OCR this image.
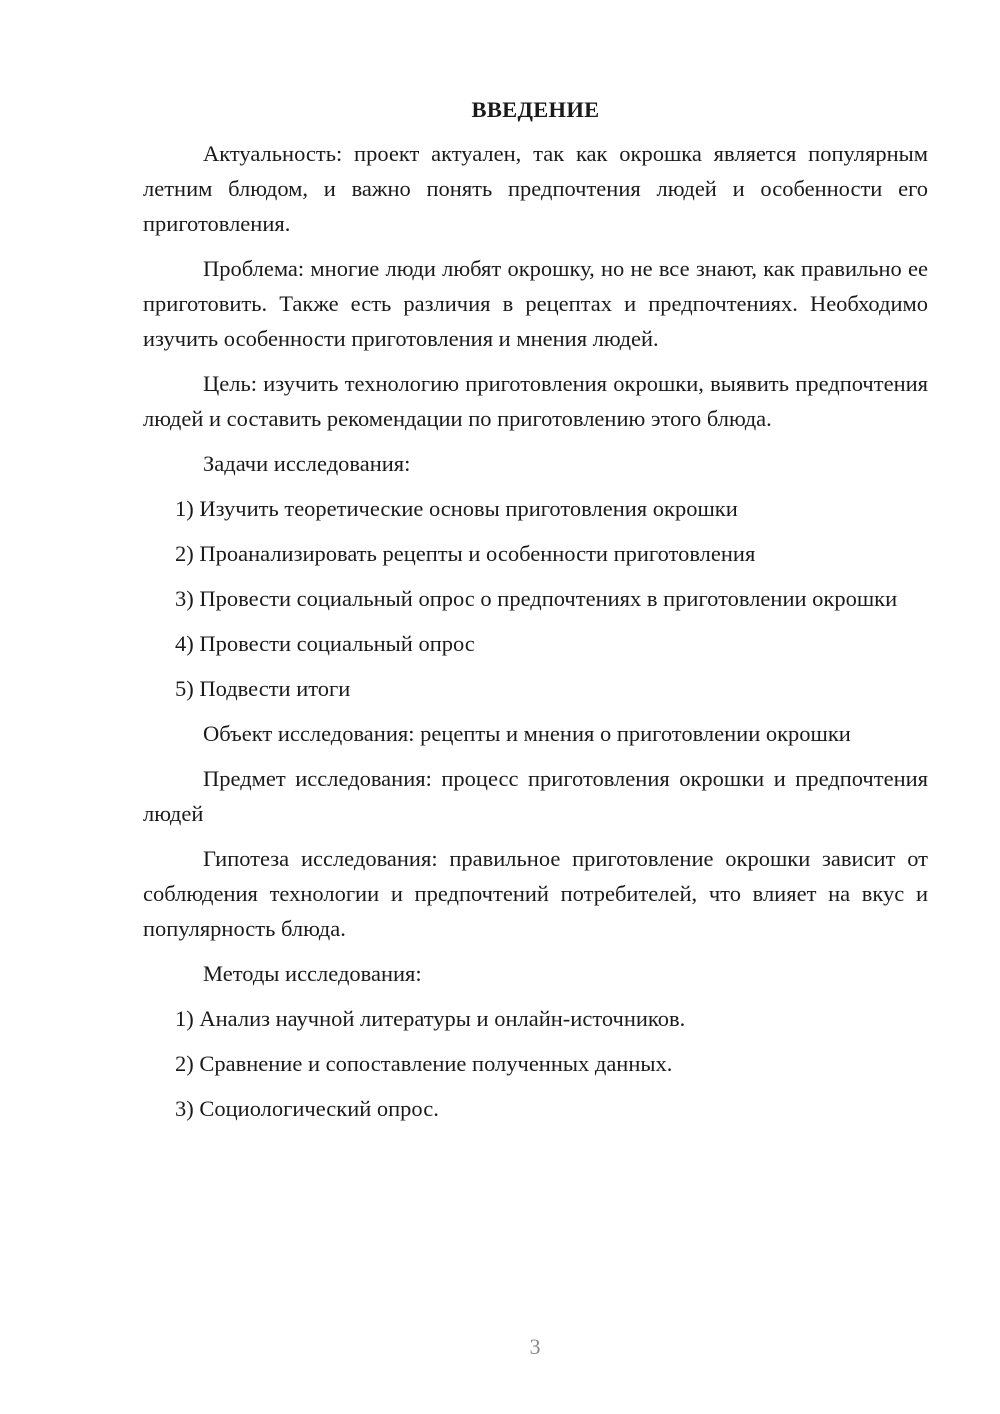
ВВЕДЕНИЕ

Актуальность: проект актуален, так как окрошка является популярным летним блюдом, и важно понять предпочтения людей и особенности его приготовления.

Проблема: многие люди любят окрошку, но не все знают, как правильно ее приготовить. Также есть различия в рецептах и предпочтениях. Необходимо изучить особенности приготовления и мнения людей.

Цель: изучить технологию приготовления окрошки, выявить предпочтения людей и составить рекомендации по приготовлению этого блюда.

Задачи исследования:

1) Изучить теоретические основы приготовления окрошки

2) Проанализировать рецепты и особенности приготовления

3) Провести социальный опрос о предпочтениях в приготовлении окрошки

4) Провести социальный опрос

5) Подвести итоги

Объект исследования: рецепты и мнения о приготовлении окрошки

Предмет исследования: процесс приготовления окрошки и предпочтения людей

Гипотеза исследования: правильное приготовление окрошки зависит от соблюдения технологии и предпочтений потребителей, что влияет на вкус и популярность блюда.

Методы исследования:

1) Анализ научной литературы и онлайн-источников.

2) Сравнение и сопоставление полученных данных.

3) Социологический опрос.

3
